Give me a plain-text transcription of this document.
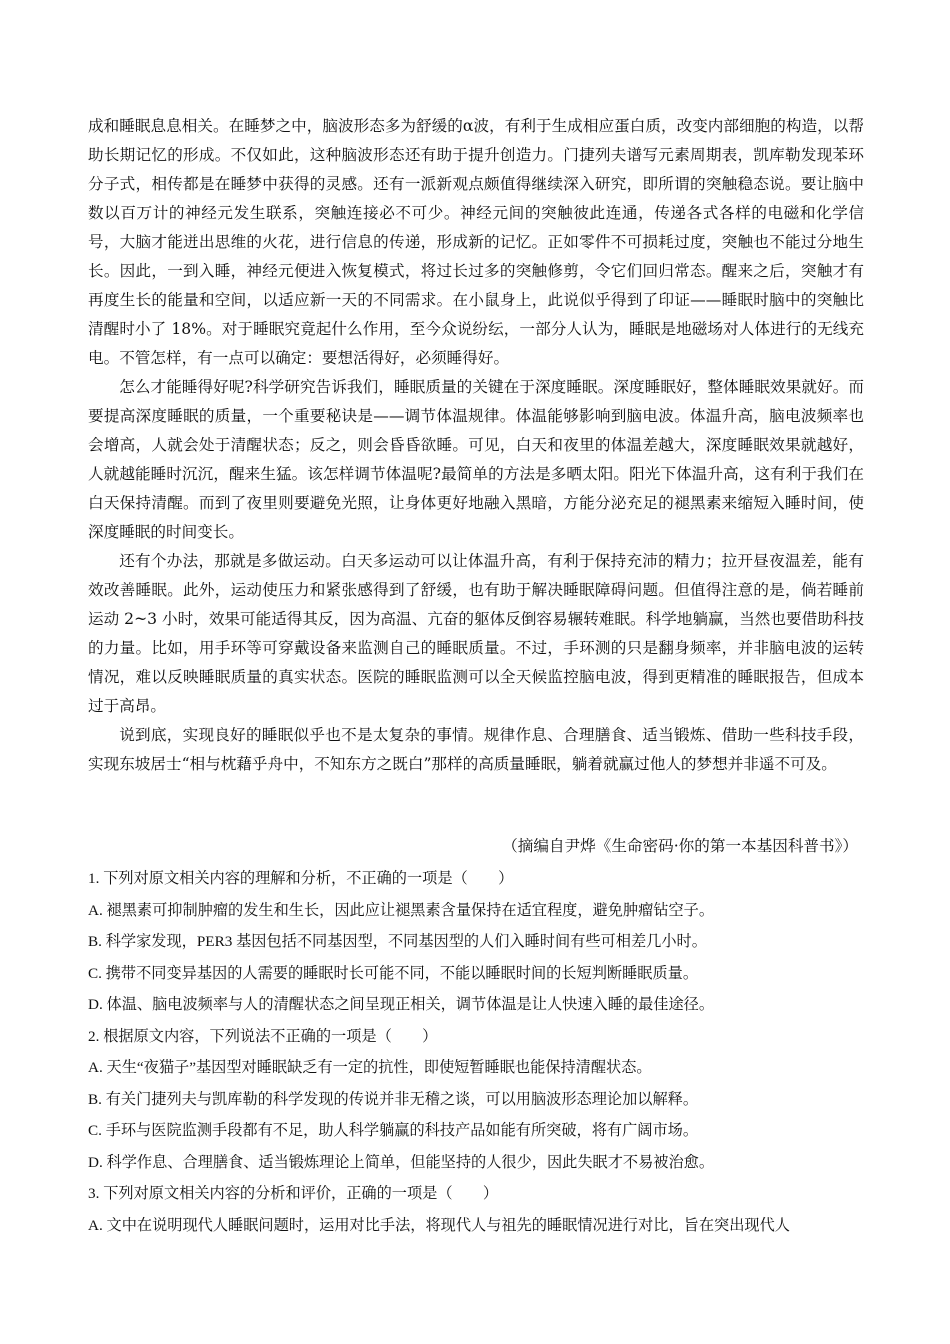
成和睡眠息息相关。在睡梦之中，脑波形态多为舒缓的α波，有利于生成相应蛋白质，改变内部细胞的构造，以帮助长期记忆的形成。不仅如此，这种脑波形态还有助于提升创造力。门捷列夫谱写元素周期表，凯库勒发现苯环分子式，相传都是在睡梦中获得的灵感。还有一派新观点颇值得继续深入研究，即所谓的突触稳态说。要让脑中数以百万计的神经元发生联系，突触连接必不可少。神经元间的突触彼此连通，传递各式各样的电磁和化学信号，大脑才能迸出思维的火花，进行信息的传递，形成新的记忆。正如零件不可损耗过度，突触也不能过分地生长。因此，一到入睡，神经元便进入恢复模式，将过长过多的突触修剪，令它们回归常态。醒来之后，突触才有再度生长的能量和空间，以适应新一天的不同需求。在小鼠身上，此说似乎得到了印证——睡眠时脑中的突触比清醒时小了 18%。对于睡眠究竟起什么作用，至今众说纷纭，一部分人认为，睡眠是地磁场对人体进行的无线充电。不管怎样，有一点可以确定：要想活得好，必须睡得好。

怎么才能睡得好呢?科学研究告诉我们，睡眠质量的关键在于深度睡眠。深度睡眠好，整体睡眠效果就好。而要提高深度睡眠的质量，一个重要秘诀是——调节体温规律。体温能够影响到脑电波。体温升高，脑电波频率也会增高，人就会处于清醒状态；反之，则会昏昏欲睡。可见，白天和夜里的体温差越大，深度睡眠效果就越好，人就越能睡时沉沉，醒来生猛。该怎样调节体温呢?最简单的方法是多晒太阳。阳光下体温升高，这有利于我们在白天保持清醒。而到了夜里则要避免光照，让身体更好地融入黑暗，方能分泌充足的褪黑素来缩短入睡时间，使深度睡眠的时间变长。

还有个办法，那就是多做运动。白天多运动可以让体温升高，有利于保持充沛的精力；拉开昼夜温差，能有效改善睡眠。此外，运动使压力和紧张感得到了舒缓，也有助于解决睡眠障碍问题。但值得注意的是，倘若睡前运动 2~3 小时，效果可能适得其反，因为高温、亢奋的躯体反倒容易辗转难眠。科学地躺赢，当然也要借助科技的力量。比如，用手环等可穿戴设备来监测自己的睡眠质量。不过，手环测的只是翻身频率，并非脑电波的运转情况，难以反映睡眠质量的真实状态。医院的睡眠监测可以全天候监控脑电波，得到更精准的睡眠报告，但成本过于高昂。

说到底，实现良好的睡眠似乎也不是太复杂的事情。规律作息、合理膳食、适当锻炼、借助一些科技手段，实现东坡居士“相与枕藉乎舟中，不知东方之既白”那样的高质量睡眠，躺着就赢过他人的梦想并非遥不可及。

（摘编自尹烨《生命密码·你的第一本基因科普书》）
1. 下列对原文相关内容的理解和分析，不正确的一项是（　　）
A. 褪黑素可抑制肿瘤的发生和生长，因此应让褪黑素含量保持在适宜程度，避免肿瘤钻空子。
B. 科学家发现，PER3 基因包括不同基因型，不同基因型的人们入睡时间有些可相差几小时。
C. 携带不同变异基因的人需要的睡眠时长可能不同，不能以睡眠时间的长短判断睡眠质量。
D. 体温、脑电波频率与人的清醒状态之间呈现正相关，调节体温是让人快速入睡的最佳途径。
2. 根据原文内容，下列说法不正确的一项是（　　）
A. 天生“夜猫子”基因型对睡眠缺乏有一定的抗性，即使短暂睡眠也能保持清醒状态。
B. 有关门捷列夫与凯库勒的科学发现的传说并非无稽之谈，可以用脑波形态理论加以解释。
C. 手环与医院监测手段都有不足，助人科学躺赢的科技产品如能有所突破，将有广阔市场。
D. 科学作息、合理膳食、适当锻炼理论上简单，但能坚持的人很少，因此失眠才不易被治愈。
3. 下列对原文相关内容的分析和评价，正确的一项是（　　）
A. 文中在说明现代人睡眠问题时，运用对比手法，将现代人与祖先的睡眠情况进行对比，旨在突出现代人
